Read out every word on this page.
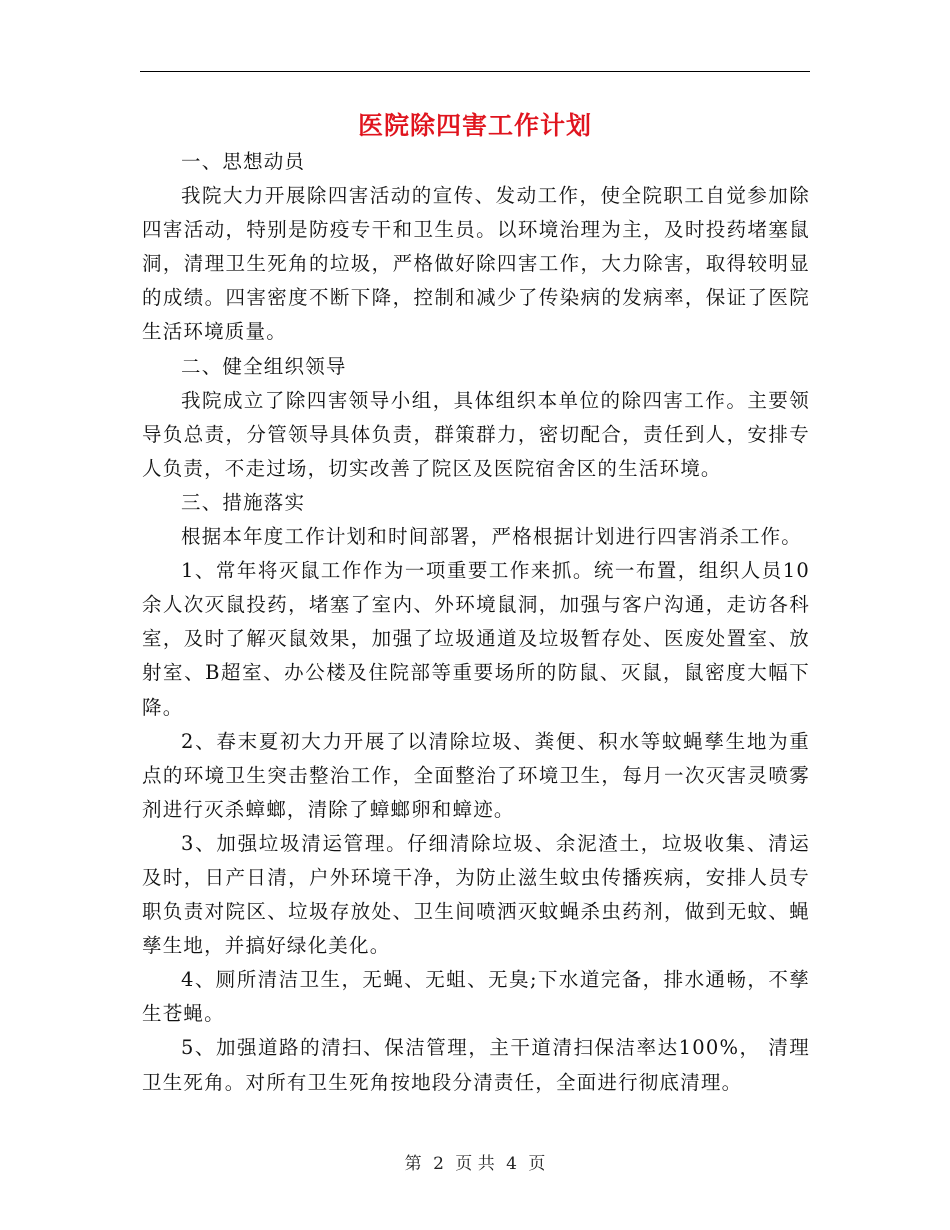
医院除四害工作计划

一、思想动员

我院大力开展除四害活动的宣传、发动工作，使全院职工自觉参加除四害活动，特别是防疫专干和卫生员。以环境治理为主，及时投药堵塞鼠洞，清理卫生死角的垃圾，严格做好除四害工作，大力除害，取得较明显的成绩。四害密度不断下降，控制和减少了传染病的发病率，保证了医院生活环境质量。

二、健全组织领导

我院成立了除四害领导小组，具体组织本单位的除四害工作。主要领导负总责，分管领导具体负责，群策群力，密切配合，责任到人，安排专人负责，不走过场，切实改善了院区及医院宿舍区的生活环境。

三、措施落实

根据本年度工作计划和时间部署，严格根据计划进行四害消杀工作。

1、常年将灭鼠工作作为一项重要工作来抓。统一布置，组织人员10余人次灭鼠投药，堵塞了室内、外环境鼠洞，加强与客户沟通，走访各科室，及时了解灭鼠效果，加强了垃圾通道及垃圾暂存处、医废处置室、放射室、B超室、办公楼及住院部等重要场所的防鼠、灭鼠，鼠密度大幅下降。

2、春末夏初大力开展了以清除垃圾、粪便、积水等蚊蝇孳生地为重点的环境卫生突击整治工作，全面整治了环境卫生，每月一次灭害灵喷雾剂进行灭杀蟑螂，清除了蟑螂卵和蟑迹。

3、加强垃圾清运管理。仔细清除垃圾、余泥渣土，垃圾收集、清运及时，日产日清，户外环境干净，为防止滋生蚊虫传播疾病，安排人员专职负责对院区、垃圾存放处、卫生间喷洒灭蚊蝇杀虫药剂，做到无蚊、蝇孳生地，并搞好绿化美化。

4、厕所清洁卫生，无蝇、无蛆、无臭;下水道完备，排水通畅，不孳生苍蝇。

5、加强道路的清扫、保洁管理，主干道清扫保洁率达100%， 清理卫生死角。对所有卫生死角按地段分清责任，全面进行彻底清理。

第 2 页 共 4 页
